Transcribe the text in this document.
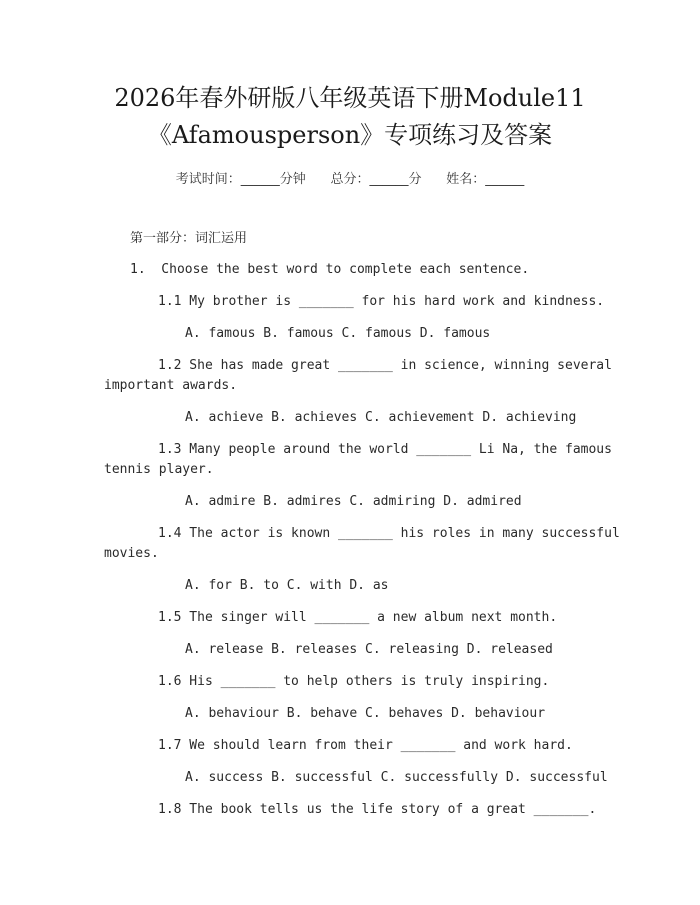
2026年春外研版八年级英语下册Module11
《Afamousperson》专项练习及答案
考试时间：______分钟      总分：______分      姓名：______
第一部分：词汇运用
1.  Choose the best word to complete each sentence.
1.1 My brother is _______ for his hard work and kindness.
A. famous B. famous C. famous D. famous
1.2 She has made great _______ in science, winning several
important awards.
A. achieve B. achieves C. achievement D. achieving
1.3 Many people around the world _______ Li Na, the famous
tennis player.
A. admire B. admires C. admiring D. admired
1.4 The actor is known _______ his roles in many successful
movies.
A. for B. to C. with D. as
1.5 The singer will _______ a new album next month.
A. release B. releases C. releasing D. released
1.6 His _______ to help others is truly inspiring.
A. behaviour B. behave C. behaves D. behaviour
1.7 We should learn from their _______ and work hard.
A. success B. successful C. successfully D. successful
1.8 The book tells us the life story of a great _______.
